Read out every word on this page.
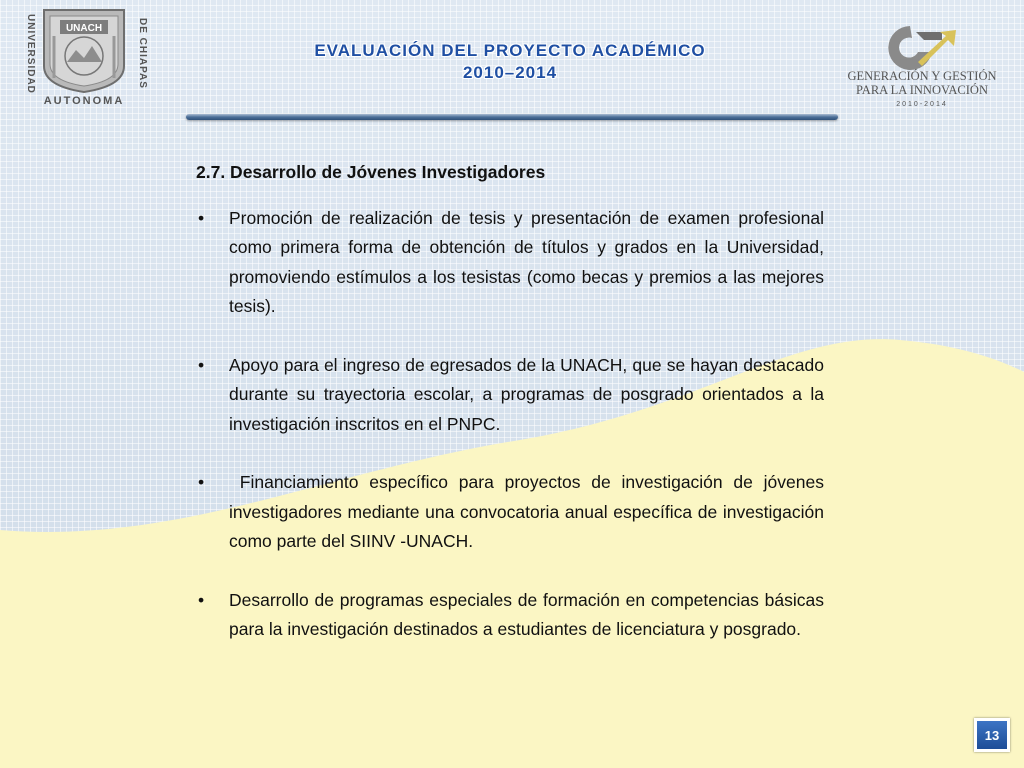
UNIVERSIDAD	DE CHIAPAS
UNACH
AUTONOMA
GENERACIÓN Y GESTIÓN
PARA LA INNOVACIÓN
2010-2014
EVALUACIÓN DEL PROYECTO ACADÉMICO
2010–2014

2.7. Desarrollo de Jóvenes Investigadores

• Promoción de realización de tesis y presentación de examen profesional como primera forma de obtención de títulos y grados en la Universidad, promoviendo estímulos a los tesistas (como becas y premios a las mejores tesis).
• Apoyo para el ingreso de egresados de la UNACH, que se hayan destacado durante su trayectoria escolar, a programas de posgrado orientados a la investigación inscritos en el PNPC.
• Financiamiento específico para proyectos de investigación de jóvenes investigadores mediante una convocatoria anual específica de investigación como parte del SIINV -UNACH.
• Desarrollo de programas especiales de formación en competencias básicas para la investigación destinados a estudiantes de licenciatura y posgrado.
13
